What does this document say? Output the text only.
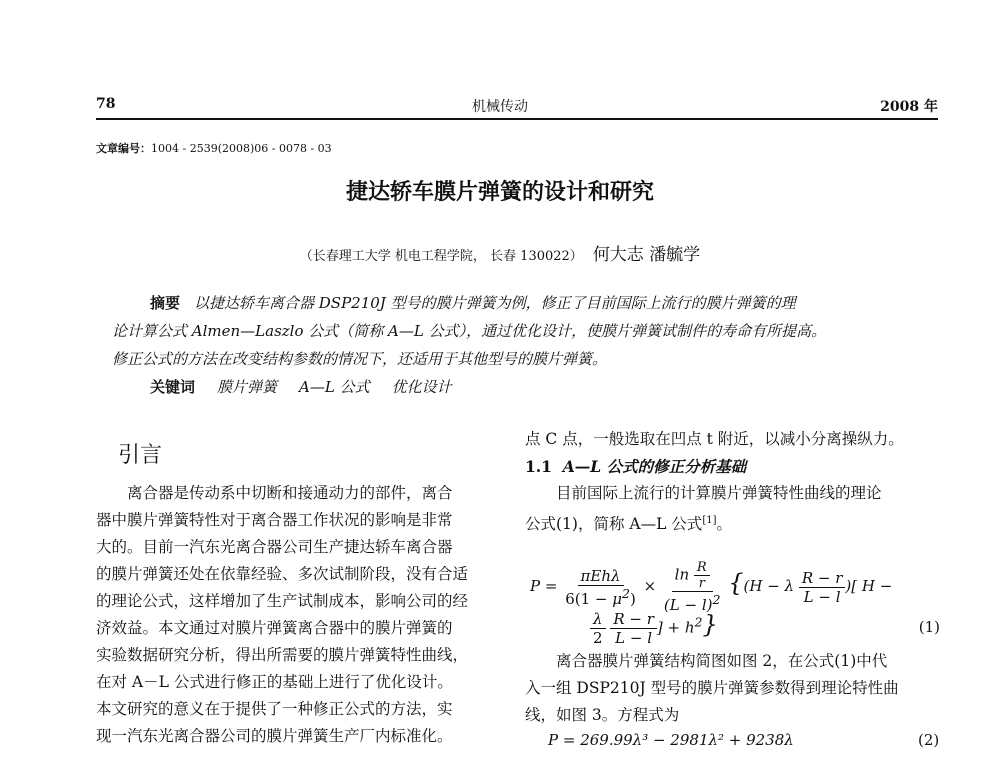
78	机械传动	2008 年
文章编号：1004 - 2539(2008)06 - 0078 - 03
捷达轿车膜片弹簧的设计和研究
（长春理工大学 机电工程学院， 长春 130022） 何大志 潘毓学
摘要 以捷达轿车离合器 DSP210J 型号的膜片弹簧为例，修正了目前国际上流行的膜片弹簧的理
论计算公式 Almen—Laszlo 公式（简称 A—L 公式），通过优化设计，使膜片弹簧试制件的寿命有所提高。
修正公式的方法在改变结构参数的情况下，还适用于其他型号的膜片弹簧。
关键词 膜片弹簧 A—L 公式 优化设计
引言

离合器是传动系中切断和接通动力的部件，离合

器中膜片弹簧特性对于离合器工作状况的影响是非常
大的。目前一汽东光离合器公司生产捷达轿车离合器
的膜片弹簧还处在依靠经验、多次试制阶段，没有合适
的理论公式，这样增加了生产试制成本，影响公司的经
济效益。本文通过对膜片弹簧离合器中的膜片弹簧的
实验数据研究分析，得出所需要的膜片弹簧特性曲线，
在对 A－L 公式进行修正的基础上进行了优化设计。
本文研究的意义在于提供了一种修正公式的方法，实
现一汽东光离合器公司的膜片弹簧生产厂内标准化。
点 C 点，一般选取在凹点 t 附近，以减小分离操纵力。
1.1 A—L 公式的修正分析基础

目前国际上流行的计算膜片弹簧特性曲线的理论

公式(1)，简称 A—L 公式[1]。
$P = \frac{\text{πEhλ}}{6(1 - \mu^2)} \times \frac{\ln \frac{R}{r}}{(L - l)^2} \{(H - \lambda \frac{R - r}{L - l}$ )[ H −
$\frac{\lambda}{2}$
$\frac{R - r}{L - l}$ ] + $h^2$}	(1)
离合器膜片弹簧结构简图如图 2，在公式(1)中代
入一组 DSP210J 型号的膜片弹簧参数得到理论特性曲
线，如图 3。方程式为
P = 269.99λ³ − 2981λ² + 9238λ	(2)
